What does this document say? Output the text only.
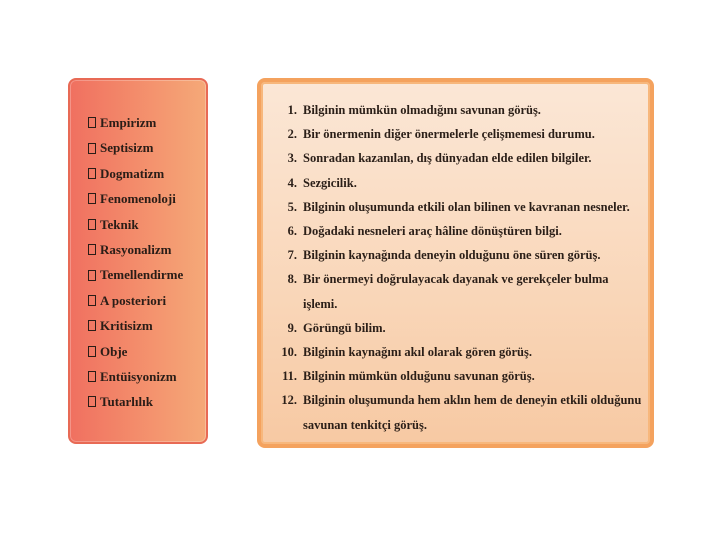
Empirizm
Septisizm
Dogmatizm
Fenomenoloji
Teknik
Rasyonalizm
Temellendirme
A posteriori
Kritisizm
Obje
Entüisyonizm
Tutarlılık
1. Bilginin mümkün olmadığını savunan görüş.
2. Bir önermenin diğer önermelerle çelişmemesi durumu.
3. Sonradan kazanılan, dış dünyadan elde edilen bilgiler.
4. Sezgicilik.
5. Bilginin oluşumunda etkili olan bilinen ve kavranan nesneler.
6. Doğadaki nesneleri araç hâline dönüştüren bilgi.
7. Bilginin kaynağında deneyin olduğunu öne süren görüş.
8. Bir önermeyi doğrulayacak dayanak ve gerekçeler bulma işlemi.
9. Görüngü bilim.
10. Bilginin kaynağını akıl olarak gören görüş.
11. Bilginin mümkün olduğunu savunan görüş.
12. Bilginin oluşumunda hem aklın hem de deneyin etkili olduğunu savunan tenkitçi görüş.
